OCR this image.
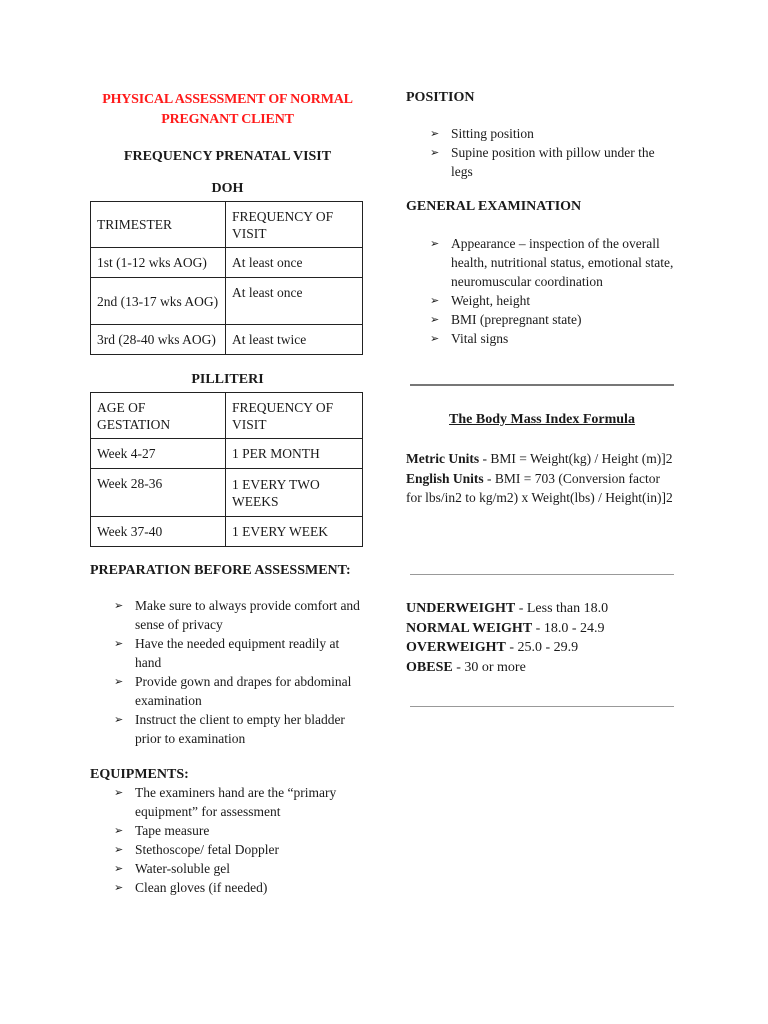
PHYSICAL ASSESSMENT OF NORMAL
PREGNANT CLIENT
FREQUENCY PRENATAL VISIT
DOH
TRIMESTER	FREQUENCY OF VISIT
1st (1-12 wks AOG)	At least once
2nd (13-17 wks AOG)	At least once
3rd (28-40 wks AOG)	At least twice
PILLITERI
AGE OF GESTATION	FREQUENCY OF VISIT
Week 4-27	1 PER MONTH
Week 28-36	1 EVERY TWO WEEKS
Week 37-40	1 EVERY WEEK
PREPARATION BEFORE ASSESSMENT:
➢ Make sure to always provide comfort and sense of privacy
➢ Have the needed equipment readily at hand
➢ Provide gown and drapes for abdominal examination
➢ Instruct the client to empty her bladder prior to examination
EQUIPMENTS:
➢ The examiners hand are the “primary equipment” for assessment
➢ Tape measure
➢ Stethoscope/ fetal Doppler
➢ Water-soluble gel
➢ Clean gloves (if needed)
POSITION
➢ Sitting position
➢ Supine position with pillow under the legs
GENERAL EXAMINATION
➢ Appearance – inspection of the overall health, nutritional status, emotional state, neuromuscular coordination
➢ Weight, height
➢ BMI (prepregnant state)
➢ Vital signs
The Body Mass Index Formula
Metric Units - BMI = Weight(kg) / Height (m)]2
English Units - BMI = 703 (Conversion factor for lbs/in2 to kg/m2) x Weight(lbs) / Height(in)]2
UNDERWEIGHT - Less than 18.0
NORMAL WEIGHT - 18.0 - 24.9
OVERWEIGHT - 25.0 - 29.9
OBESE - 30 or more
